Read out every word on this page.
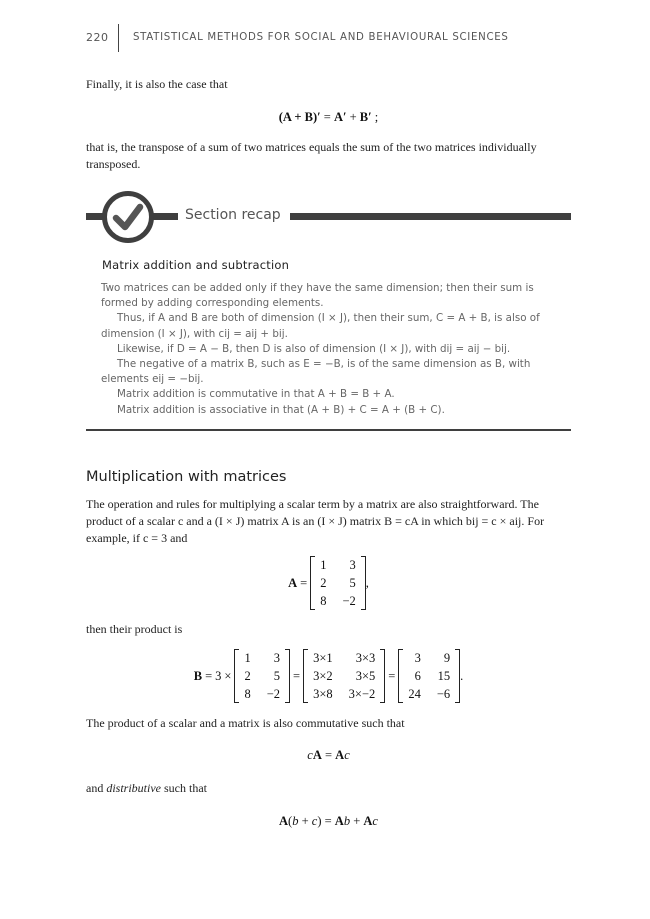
220 STATISTICAL METHODS FOR SOCIAL AND BEHAVIOURAL SCIENCES
Finally, it is also the case that
(A + B)′ = A′ + B′ ;
that is, the transpose of a sum of two matrices equals the sum of the two matrices individually transposed.
Section recap
Matrix addition and subtraction
Two matrices can be added only if they have the same dimension; then their sum is formed by adding corresponding elements.
Thus, if A and B are both of dimension (I × J), then their sum, C = A + B, is also of dimension (I × J), with cij = aij + bij.
Likewise, if D = A − B, then D is also of dimension (I × J), with dij = aij − bij.
The negative of a matrix B, such as E = −B, is of the same dimension as B, with elements eij = −bij.
Matrix addition is commutative in that A + B = B + A.
Matrix addition is associative in that (A + B) + C = A + (B + C).
Multiplication with matrices
The operation and rules for multiplying a scalar term by a matrix are also straightforward. The product of a scalar c and a (I × J) matrix A is an (I × J) matrix B = cA in which bij = c × aij. For example, if c = 3 and
A =
1	3
2	5
8	−2
,
then their product is
B = 3 ×
1	3
2	5
8	−2
=
3×1	3×3
3×2	3×5
3×8	3×−2
=
3	9
6	15
24	−6
.
The product of a scalar and a matrix is also commutative such that
cA = Ac
and distributive such that
A(b + c) = Ab + Ac
